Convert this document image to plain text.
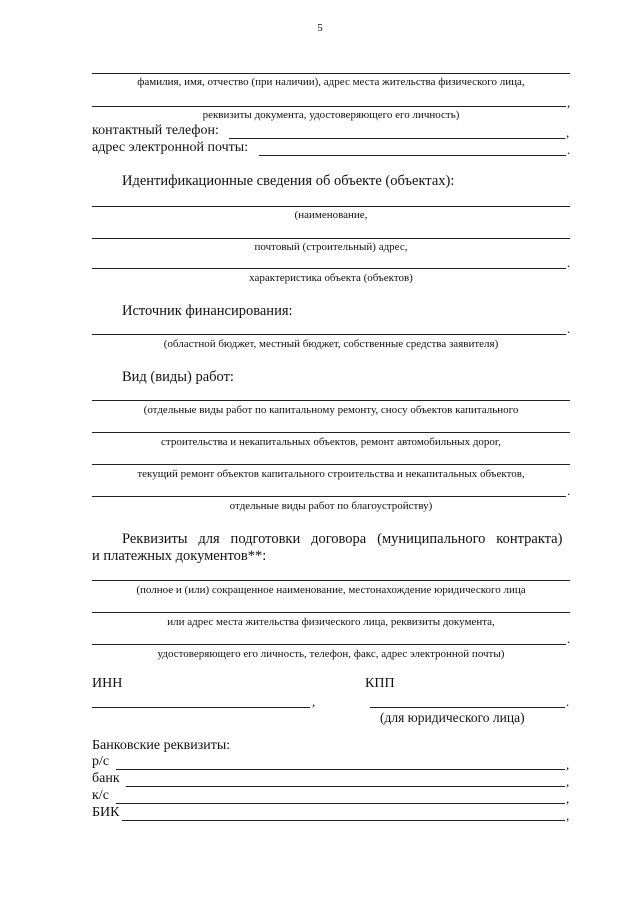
5
фамилия, имя, отчество (при наличии), адрес места жительства физического лица,
,
реквизиты документа, удостоверяющего его личность)
контактный телефон:	,
адрес электронной почты:	.
Идентификационные сведения об объекте (объектах):
(наименование,
почтовый (строительный) адрес,
.
характеристика объекта (объектов)
Источник финансирования:
.
(областной бюджет, местный бюджет, собственные средства заявителя)
Вид (виды) работ:
(отдельные виды работ по капитальному ремонту, сносу объектов капитального
строительства и некапитальных объектов, ремонт автомобильных дорог,
текущий ремонт объектов капитального строительства и некапитальных объектов,
.
отдельные виды работ по благоустройству)
Реквизиты   для   подготовки   договора   (муниципального   контракта)
и платежных документов**:
(полное и (или) сокращенное наименование, местонахождение юридического лица
или адрес места жительства физического лица, реквизиты документа,
.
удостоверяющего его личность, телефон, факс, адрес электронной почты)
ИНН
,
КПП
.
(для юридического лица)
Банковские реквизиты:
р/с	,
банк	,
к/с	,
БИК	,
